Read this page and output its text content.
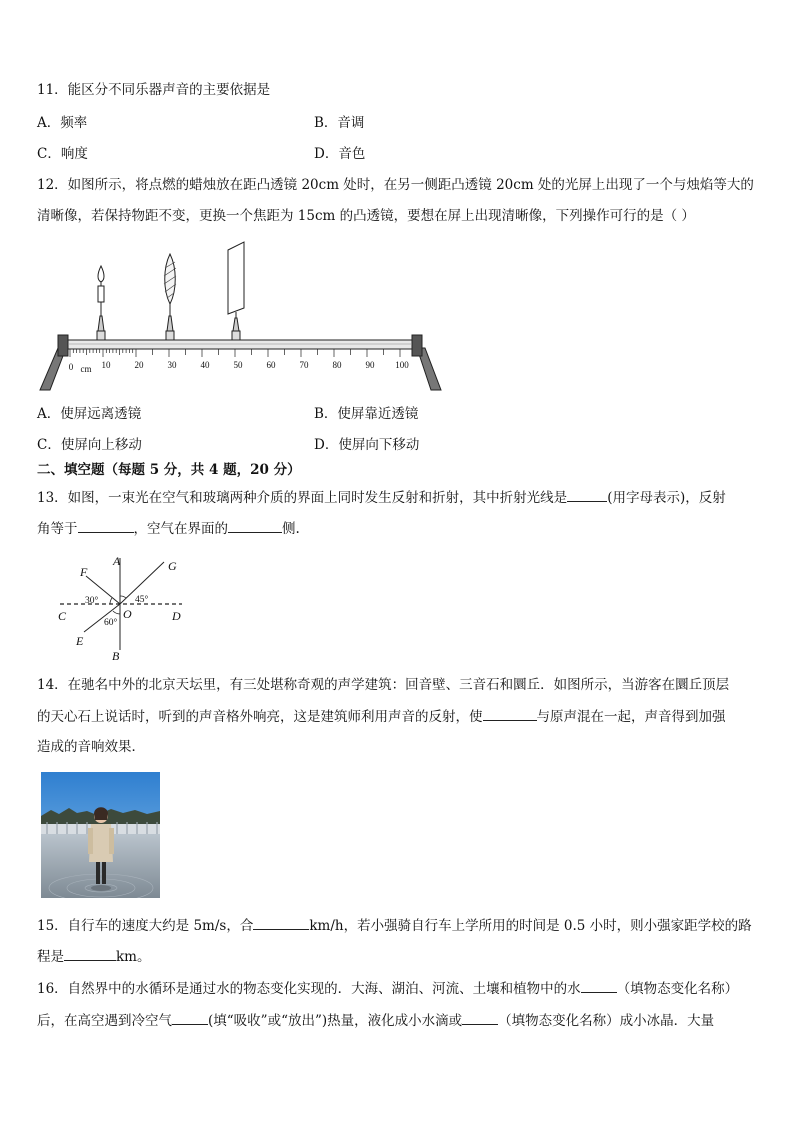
11．能区分不同乐器声音的主要依据是
A．频率	B．音调
C．响度	D．音色
12．如图所示，将点燃的蜡烛放在距凸透镜 20cm 处时，在另一侧距凸透镜 20cm 处的光屏上出现了一个与烛焰等大的
清晰像，若保持物距不变，更换一个焦距为 15cm 的凸透镜，要想在屏上出现清晰像，下列操作可行的是（ ）
0 cm 10	20	30	40	50	60	70	80	90 100
A．使屏远离透镜	B．使屏靠近透镜
C．使屏向上移动	D．使屏向下移动
二、填空题（每题 5 分，共 4 题，20 分）
13．如图，一束光在空气和玻璃两种介质的界面上同时发生反射和折射，其中折射光线是	(用字母表示)，反射
角等于	，空气在界面的	侧.
A
B
C	D
E
F	G
O
30°	45°
60°
14．在驰名中外的北京天坛里，有三处堪称奇观的声学建筑：回音壁、三音石和圜丘．如图所示，当游客在圜丘顶层
的天心石上说话时，听到的声音格外响亮，这是建筑师利用声音的反射，使	与原声混在一起，声音得到加强
造成的音响效果．
15．自行车的速度大约是 5m/s，合	km/h，若小强骑自行车上学所用的时间是 0.5 小时，则小强家距学校的路
程是	km。
16．自然界中的水循环是通过水的物态变化实现的．大海、湖泊、河流、土壤和植物中的水	（填物态变化名称）
后，在高空遇到冷空气	(填“吸收”或“放出”)热量，液化成小水滴或	（填物态变化名称）成小冰晶．大量
